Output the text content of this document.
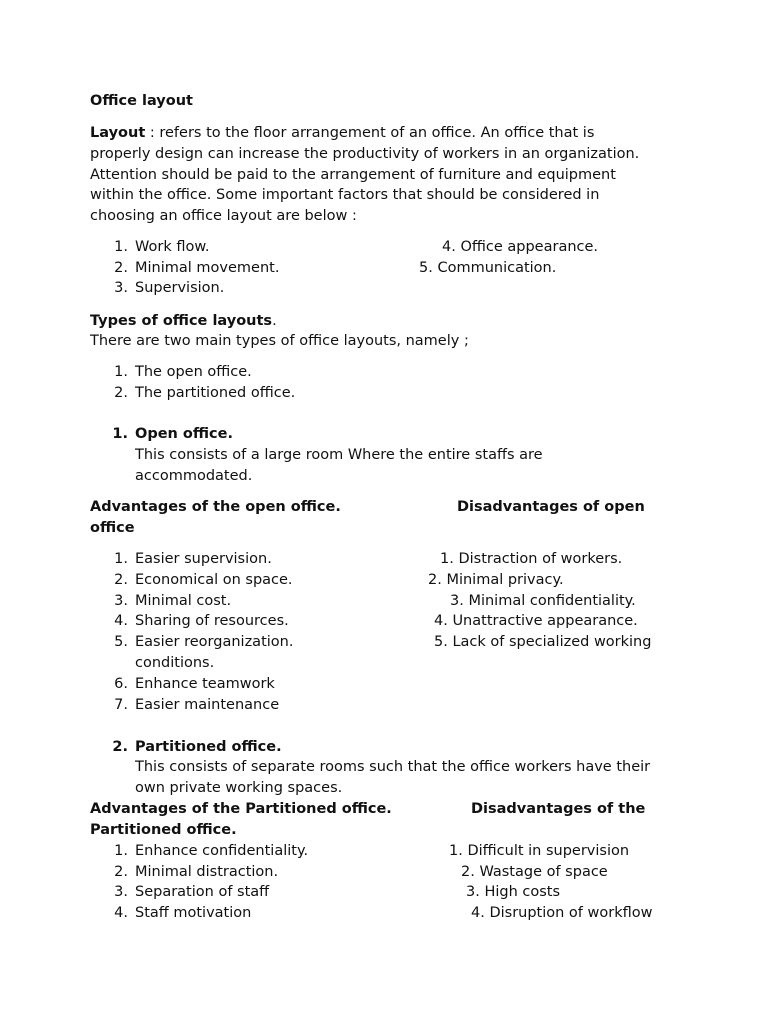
Office layout
Layout : refers to the floor arrangement of an office. An office that is
properly design can increase the productivity of workers in an organization.
Attention should be paid to the arrangement of furniture and equipment
within the office. Some important factors that should be considered in
choosing an office layout are below :
1. Work flow.
2. Minimal movement.
3. Supervision.
4. Office appearance.
5. Communication.
Types of office layouts.
There are two main types of office layouts, namely ;
1. The open office.
2. The partitioned office.
1. Open office.
This consists of a large room Where the entire staffs are
accommodated.
Advantages of the open office.	Disadvantages of open
office
1. Easier supervision.
2. Economical on space.
3. Minimal cost.
4. Sharing of resources.
5. Easier reorganization.
conditions.
6. Enhance teamwork
7. Easier maintenance
1. Distraction of workers.
2. Minimal privacy.
3. Minimal confidentiality.
4. Unattractive appearance.
5. Lack of specialized working
2. Partitioned office.
This consists of separate rooms such that the office workers have their
own private working spaces.
Advantages of the Partitioned office.	Disadvantages of the
Partitioned office.
1. Enhance confidentiality.
2. Minimal distraction.
3. Separation of staff
4. Staff motivation
1. Difficult in supervision
2. Wastage of space
3. High costs
4. Disruption of workflow
